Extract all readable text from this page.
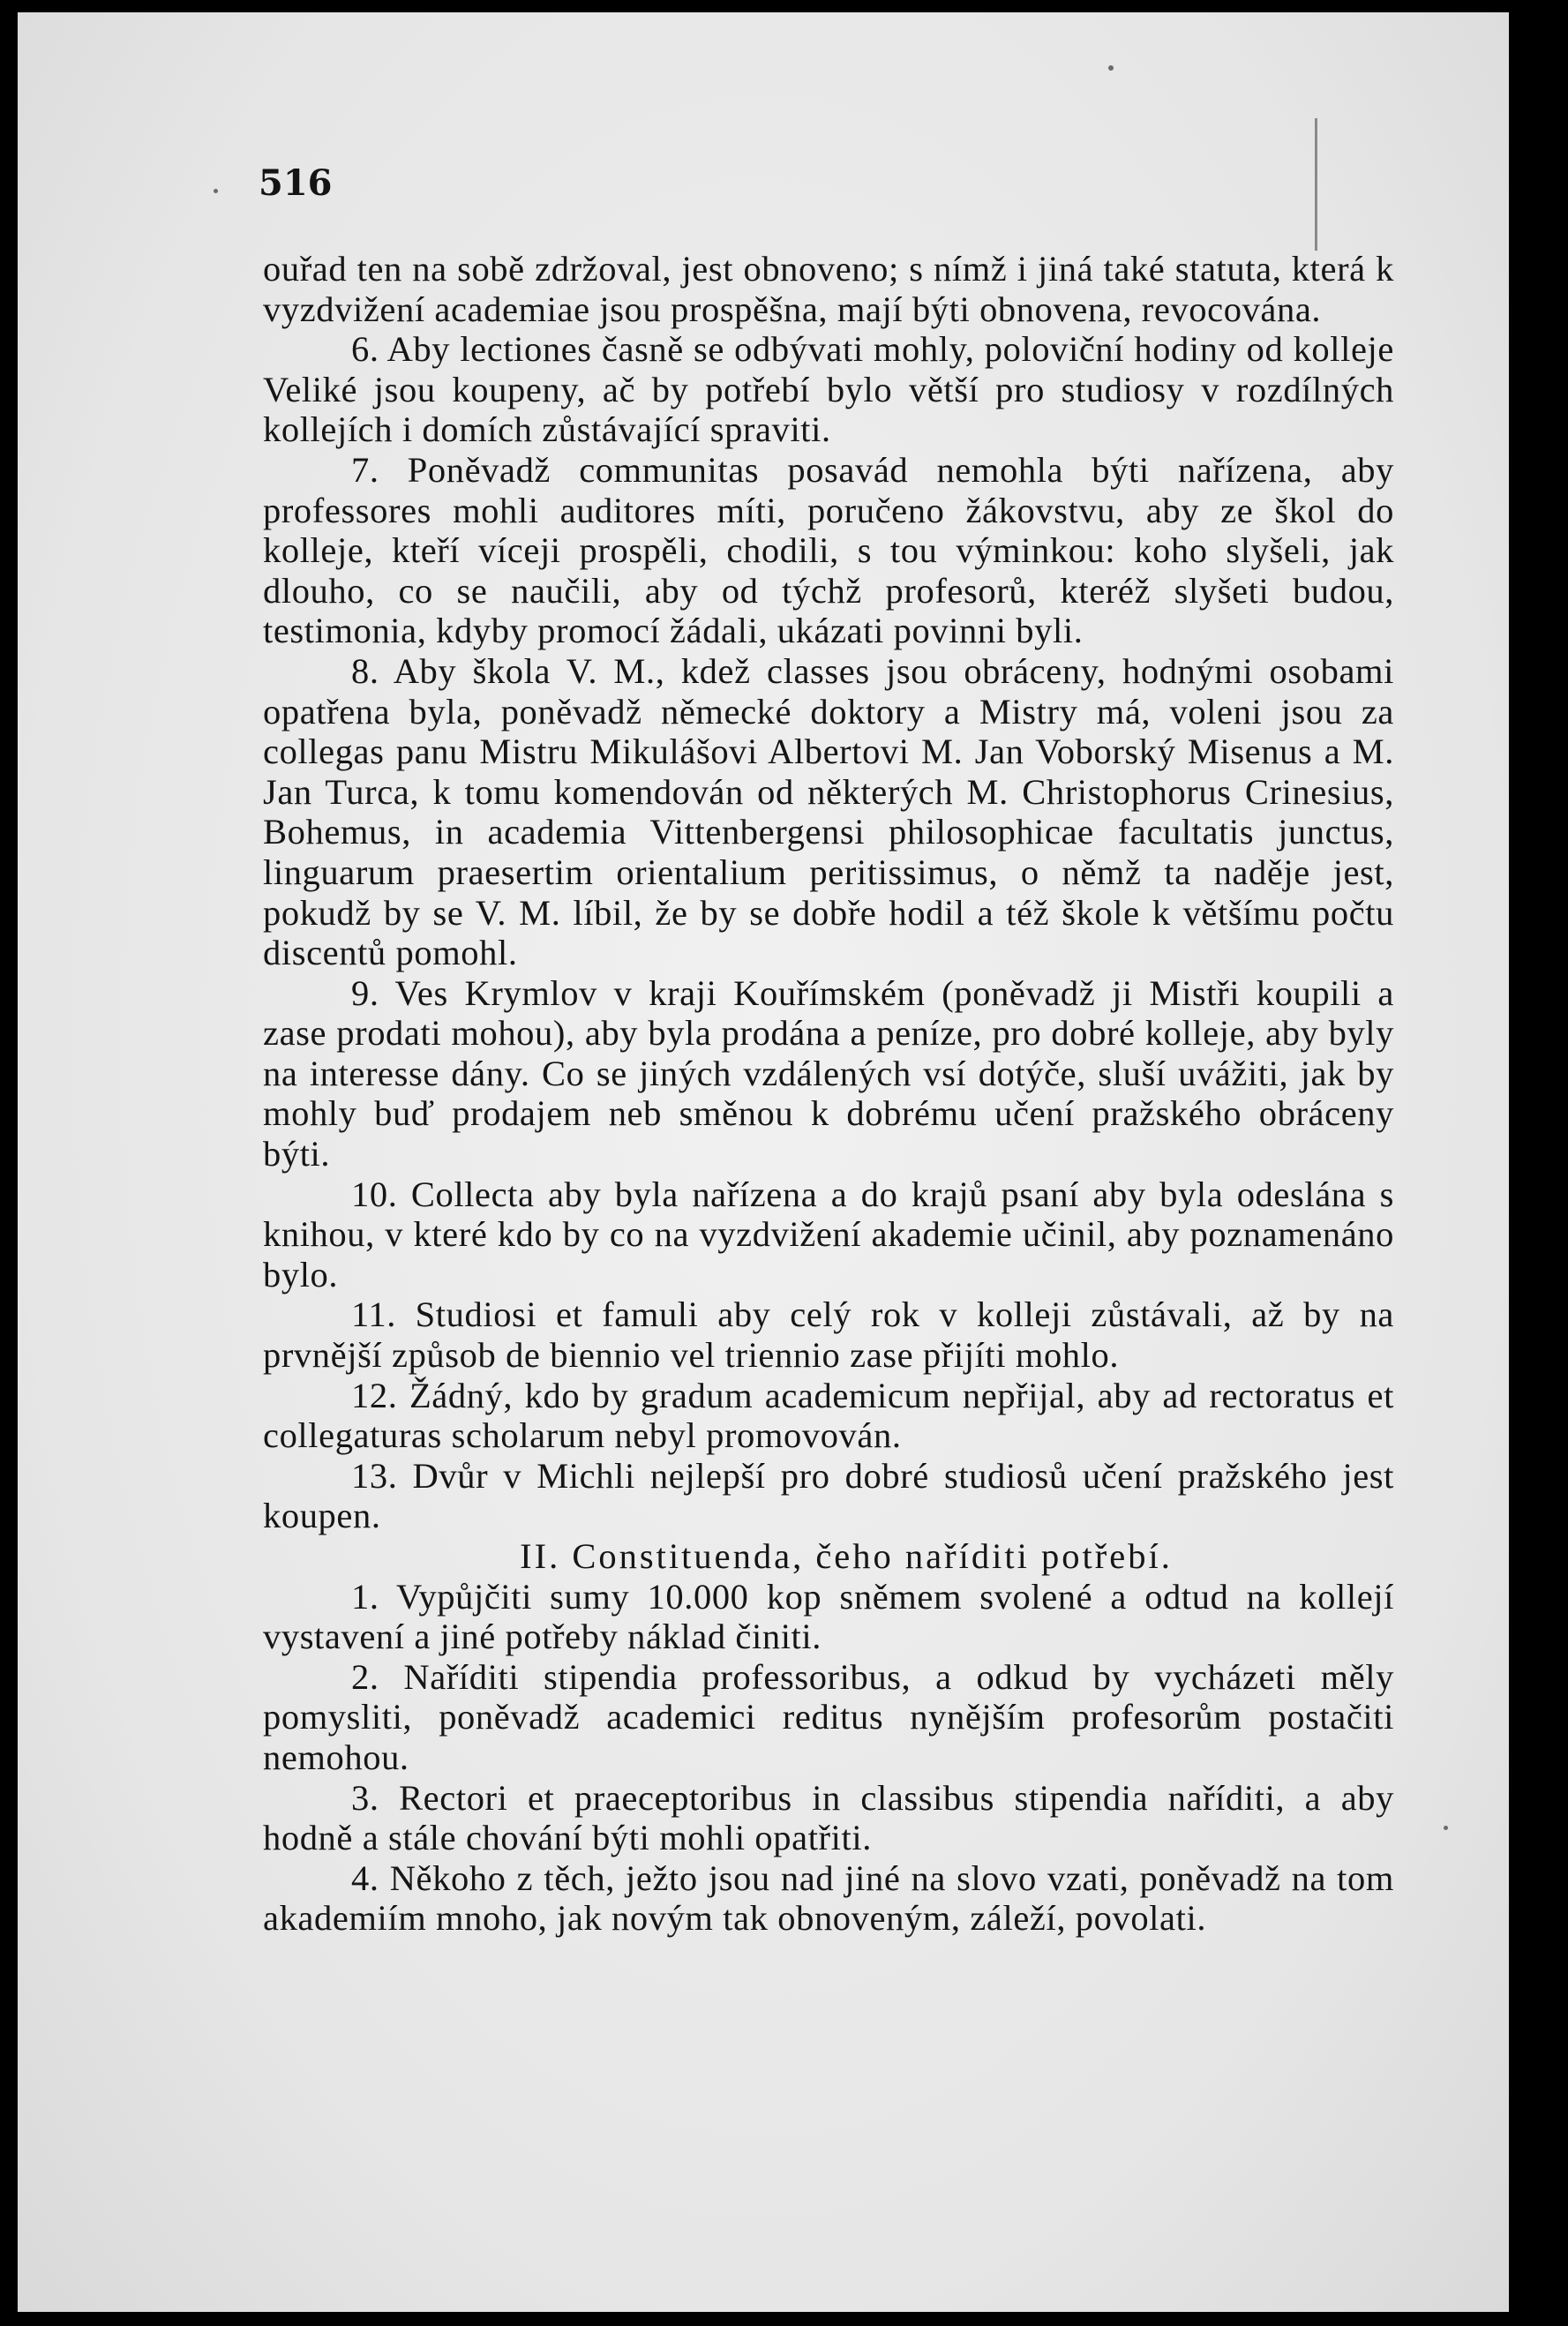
516

ouřad ten na sobě zdržoval, jest obnoveno; s nímž i jiná také statuta, která k vyzdvižení academiae jsou prospěšna, mají býti obnovena, revocována.

6. Aby lectiones časně se odbývati mohly, poloviční hodiny od kolleje Veliké jsou koupeny, ač by potřebí bylo větší pro studiosy v rozdílných kollejích i domích zůstávající spraviti.

7. Poněvadž communitas posavád nemohla býti nařízena, aby professores mohli auditores míti, poručeno žákovstvu, aby ze škol do kolleje, kteří víceji prospěli, chodili, s tou výminkou: koho slyšeli, jak dlouho, co se naučili, aby od týchž profesorů, kteréž slyšeti budou, testimonia, kdyby promocí žádali, ukázati povinni byli.

8. Aby škola V. M., kdež classes jsou obráceny, hodnými osobami opatřena byla, poněvadž německé doktory a Mistry má, voleni jsou za collegas panu Mistru Mikulášovi Albertovi M. Jan Voborský Misenus a M. Jan Turca, k tomu komendován od některých M. Christophorus Crinesius, Bohemus, in academia Vittenbergensi philosophicae facultatis junctus, linguarum praesertim orientalium peritissimus, o němž ta naděje jest, pokudž by se V. M. líbil, že by se dobře hodil a též škole k většímu počtu discentů pomohl.

9. Ves Krymlov v kraji Kouřímském (poněvadž ji Mistři koupili a zase prodati mohou), aby byla prodána a peníze, pro dobré kolleje, aby byly na interesse dány. Co se jiných vzdálených vsí dotýče, sluší uvážiti, jak by mohly buď prodajem neb směnou k dobrému učení pražského obráceny býti.

10. Collecta aby byla nařízena a do krajů psaní aby byla odeslána s knihou, v které kdo by co na vyzdvižení akademie učinil, aby poznamenáno bylo.

11. Studiosi et famuli aby celý rok v kolleji zůstávali, až by na prvnější způsob de biennio vel triennio zase přijíti mohlo.

12. Žádný, kdo by gradum academicum nepřijal, aby ad rectoratus et collegaturas scholarum nebyl promovován.

13. Dvůr v Michli nejlepší pro dobré studiosů učení pražského jest koupen.

II. Constituenda, čeho naříditi potřebí.

1. Vypůjčiti sumy 10.000 kop sněmem svolené a odtud na kollejí vystavení a jiné potřeby náklad činiti.

2. Naříditi stipendia professoribus, a odkud by vycházeti měly pomysliti, poněvadž academici reditus nynějším profesorům postačiti nemohou.

3. Rectori et praeceptoribus in classibus stipendia naříditi, a aby hodně a stále chování býti mohli opatřiti.

4. Někoho z těch, ježto jsou nad jiné na slovo vzati, poněvadž na tom akademiím mnoho, jak novým tak obnoveným, záleží, povolati.
